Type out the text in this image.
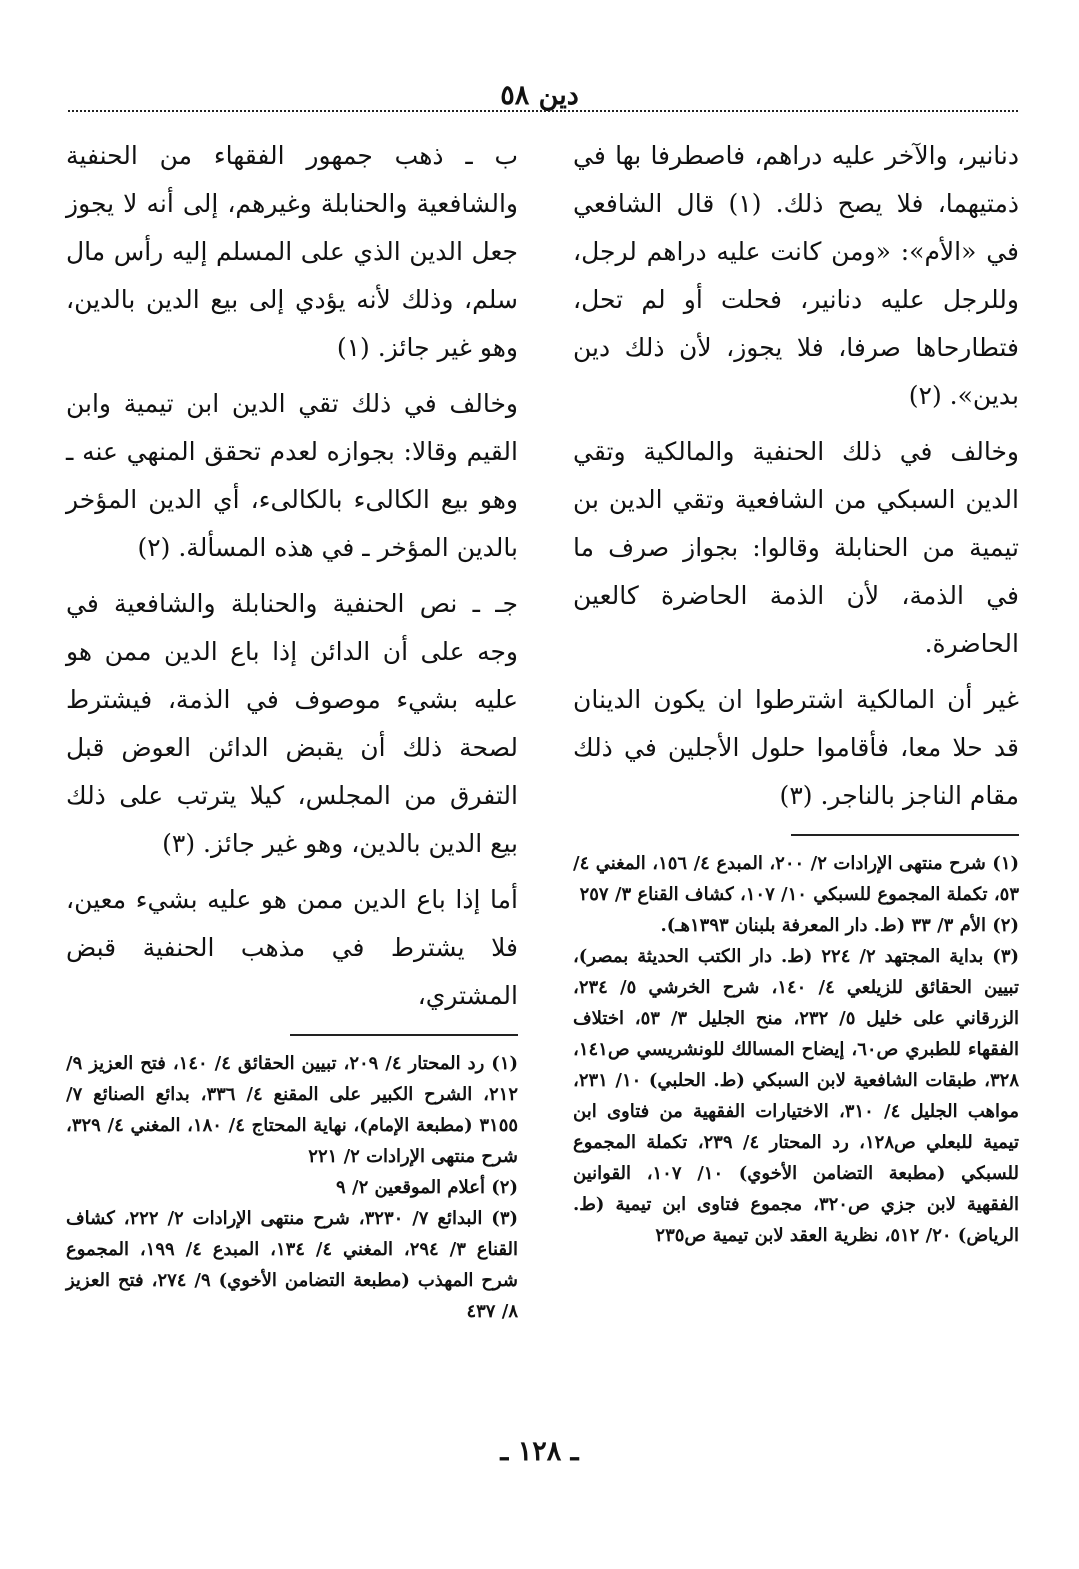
دين ٥٨

دنانير، والآخر عليه دراهم، فاصطرفا بها في ذمتيهما، فلا يصح ذلك. (١) قال الشافعي في «الأم»: «ومن كانت عليه دراهم لرجل، وللرجل عليه دنانير، فحلت أو لم تحل، فتطارحاها صرفا، فلا يجوز، لأن ذلك دين بدين». (٢)

وخالف في ذلك الحنفية والمالكية وتقي الدين السبكي من الشافعية وتقي الدين بن تيمية من الحنابلة وقالوا: بجواز صرف ما في الذمة، لأن الذمة الحاضرة كالعين الحاضرة.

غير أن المالكية اشترطوا ان يكون الدينان قد حلا معا، فأقاموا حلول الأجلين في ذلك مقام الناجز بالناجر. (٣)

(١) شرح منتهى الإرادات ٢/ ٢٠٠، المبدع ٤/ ١٥٦، المغني ٤/ ٥٣، تكملة المجموع للسبكي ١٠/ ١٠٧، كشاف القناع ٣/ ٢٥٧

(٢) الأم ٣/ ٣٣ (ط. دار المعرفة بلبنان ١٣٩٣هـ).

(٣) بداية المجتهد ٢/ ٢٢٤ (ط. دار الكتب الحديثة بمصر)، تبيين الحقائق للزيلعي ٤/ ١٤٠، شرح الخرشي ٥/ ٢٣٤، الزرقاني على خليل ٥/ ٢٣٢، منح الجليل ٣/ ٥٣، اختلاف الفقهاء للطبري ص٦٠، إيضاح المسالك للونشريسي ص١٤١، ٣٢٨، طبقات الشافعية لابن السبكي (ط. الحلبي) ١٠/ ٢٣١، مواهب الجليل ٤/ ٣١٠، الاختيارات الفقهية من فتاوى ابن تيمية للبعلي ص١٢٨، رد المحتار ٤/ ٢٣٩، تكملة المجموع للسبكي (مطبعة التضامن الأخوي) ١٠/ ١٠٧، القوانين الفقهية لابن جزي ص٣٢٠، مجموع فتاوى ابن تيمية (ط. الرياض) ٢٠/ ٥١٢، نظرية العقد لابن تيمية ص٢٣٥

ب ـ ذهب جمهور الفقهاء من الحنفية والشافعية والحنابلة وغيرهم، إلى أنه لا يجوز جعل الدين الذي على المسلم إليه رأس مال سلم، وذلك لأنه يؤدي إلى بيع الدين بالدين، وهو غير جائز. (١)

وخالف في ذلك تقي الدين ابن تيمية وابن القيم وقالا: بجوازه لعدم تحقق المنهي عنه ـ وهو بيع الكالىء بالكالىء، أي الدين المؤخر بالدين المؤخر ـ في هذه المسألة. (٢)

جـ ـ نص الحنفية والحنابلة والشافعية في وجه على أن الدائن إذا باع الدين ممن هو عليه بشيء موصوف في الذمة، فيشترط لصحة ذلك أن يقبض الدائن العوض قبل التفرق من المجلس، كيلا يترتب على ذلك بيع الدين بالدين، وهو غير جائز. (٣)

أما إذا باع الدين ممن هو عليه بشيء معين، فلا يشترط في مذهب الحنفية قبض المشتري،

(١) رد المحتار ٤/ ٢٠٩، تبيين الحقائق ٤/ ١٤٠، فتح العزيز ٩/ ٢١٢، الشرح الكبير على المقنع ٤/ ٣٣٦، بدائع الصنائع ٧/ ٣١٥٥ (مطبعة الإمام)، نهاية المحتاج ٤/ ١٨٠، المغني ٤/ ٣٢٩، شرح منتهى الإرادات ٢/ ٢٢١

(٢) أعلام الموقعين ٢/ ٩

(٣) البدائع ٧/ ٣٢٣٠، شرح منتهى الإرادات ٢/ ٢٢٢، كشاف القناع ٣/ ٢٩٤، المغني ٤/ ١٣٤، المبدع ٤/ ١٩٩، المجموع شرح المهذب (مطبعة التضامن الأخوي) ٩/ ٢٧٤، فتح العزيز ٨/ ٤٣٧

ـ ١٢٨ ـ
